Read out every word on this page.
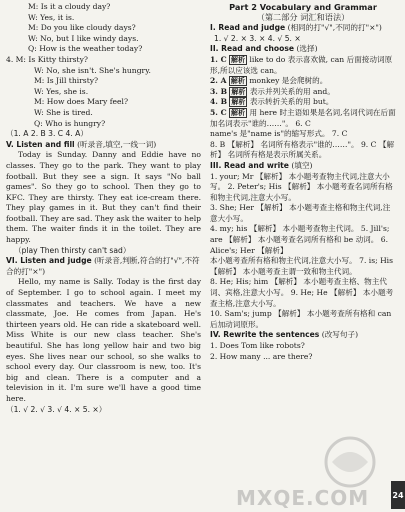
M: Is it a cloudy day?
W: Yes, it is.
M: Do you like cloudy days?
W: No, but I like windy days.
Q: How is the weather today?
4. M: Is Kitty thirsty?
W: No, she isn't. She's hungry.
M: Is Jill thirsty?
W: Yes, she is.
M: How does Mary feel?
W: She is tired.
Q: Who is hungry?
（1. A 2. B 3. C 4. A）
V. Listen and fill (听录音,填空,一线一词)
Today is Sunday. Danny and Eddie have no classes. They go to the park. They want to play football. But they see a sign. It says "No ball games". So they go to school. Then they go to KFC. They are thirsty. They eat ice-cream there. They play games in it. But they can't find their football. They are sad. They ask the waiter to help them. The waiter finds it in the toilet. They are happy.
（play Then thirsty can't sad）
VI. Listen and judge (听录音,判断,符合的打"√",不符合的打"×")
Hello, my name is Sally. Today is the first day of September. I go to school again. I meet my classmates and teachers. We have a new classmate, Joe. He comes from Japan. He's thirteen years old. He can ride a skateboard well. Miss White is our new class teacher. She's beautiful. She has long yellow hair and two big eyes. She lives near our school, so she walks to school every day. Our classroom is new, too. It's big and clean. There is a computer and a television in it. I'm sure we'll have a good time here.
（1. √ 2. √ 3. √ 4. × 5. ×）
Part 2 Vocabulary and Grammar
（第二部分 词汇和语法）
I. Read and judge (相同的打"√",不同的打"×")
1. √ 2. × 3. × 4. √ 5. ×
II. Read and choose (选择)
1. C 解析 like to do 表示喜欢做, can 后面接动词原形,所以应该选 can。
2. A 解析 monkey 是会爬树的。
3. B 解析 表示并列关系的用 and。
4. B 解析 表示转折关系的用 but。
5. C 解析 用 here 时主语如果是名词,名词代词在后面加名词表示"谁的……"。 6. C
name's 是"name is"的缩写形式。 7. C
8. B 【解析】 名词所有格表示"谁的……"。 9. C 【解析】 名词所有格是表示所属关系。
III. Read and write (填空)
1. your; Mr 【解析】 本小题考查物主代词,注意大小写。 2. Peter's; His 【解析】 本小题考查名词所有格和物主代词,注意大小写。
3. She; Her 【解析】 本小题考查主格和物主代词,注意大小写。
4. my; his 【解析】 本小题考查物主代词。 5. Jill's; are 【解析】 本小题考查名词所有格和 be 动词。 6. Alice's; Her 【解析】
本小题考查所有格和物主代词,注意大小写。 7. is; His 【解析】 本小题考查主谓一致和物主代词。
8. He; His; him 【解析】 本小题考查主格、物主代词、宾格,注意大小写。 9. He; He 【解析】 本小题考查主格,注意大小写。
10. Sam's; jump 【解析】 本小题考查所有格和 can 后加动词原形。
IV. Rewrite the sentences (改写句子)
1. Does Tom like robots?
2. How many ... are there?
MXQE.COM	24
